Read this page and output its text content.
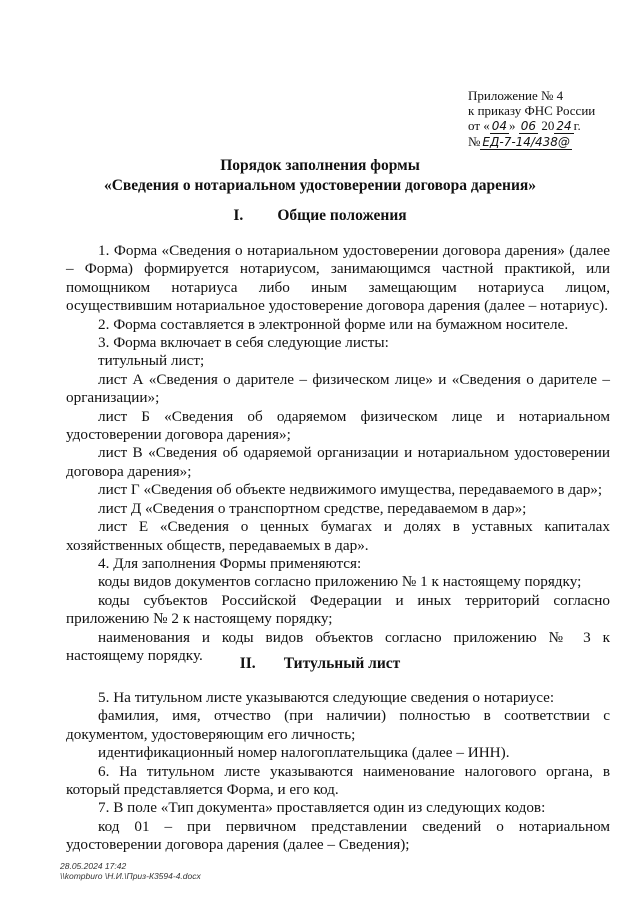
Приложение № 4
к приказу ФНС России
от « 04 » 06 20 24 г.
№ ЕД-7-14/438@
Порядок заполнения формы
«Сведения о нотариальном удостоверении договора дарения»
I. Общие положения

1. Форма «Сведения о нотариальном удостоверении договора дарения» (далее – Форма) формируется нотариусом, занимающимся частной практикой, или помощником нотариуса либо иным замещающим нотариуса лицом, осуществившим нотариальное удостоверение договора дарения (далее – нотариус).

2. Форма составляется в электронной форме или на бумажном носителе.

3. Форма включает в себя следующие листы:

титульный лист;

лист А «Сведения о дарителе – физическом лице» и «Сведения о дарителе – организации»;

лист Б «Сведения об одаряемом физическом лице и нотариальном удостоверении договора дарения»;

лист В «Сведения об одаряемой организации и нотариальном удостоверении договора дарения»;

лист Г «Сведения об объекте недвижимого имущества, передаваемого в дар»;

лист Д «Сведения о транспортном средстве, передаваемом в дар»;

лист Е «Сведения о ценных бумагах и долях в уставных капиталах хозяйственных обществ, передаваемых в дар».

4. Для заполнения Формы применяются:

коды видов документов согласно приложению № 1 к настоящему порядку;

коды субъектов Российской Федерации и иных территорий согласно приложению № 2 к настоящему порядку;

наименования и коды видов объектов согласно приложению № 3 к настоящему порядку.	II. Титульный лист

5. На титульном листе указываются следующие сведения о нотариусе:

фамилия, имя, отчество (при наличии) полностью в соответствии с документом, удостоверяющим его личность;

идентификационный номер налогоплательщика (далее – ИНН).

6. На титульном листе указываются наименование налогового органа, в который представляется Форма, и его код.

7. В поле «Тип документа» проставляется один из следующих кодов:

код 01 – при первичном представлении сведений о нотариальном удостоверении договора дарения (далее – Сведения);

28.05.2024 17:42
\\kompburo \Н.И.\Приз-К3594-4.docx
